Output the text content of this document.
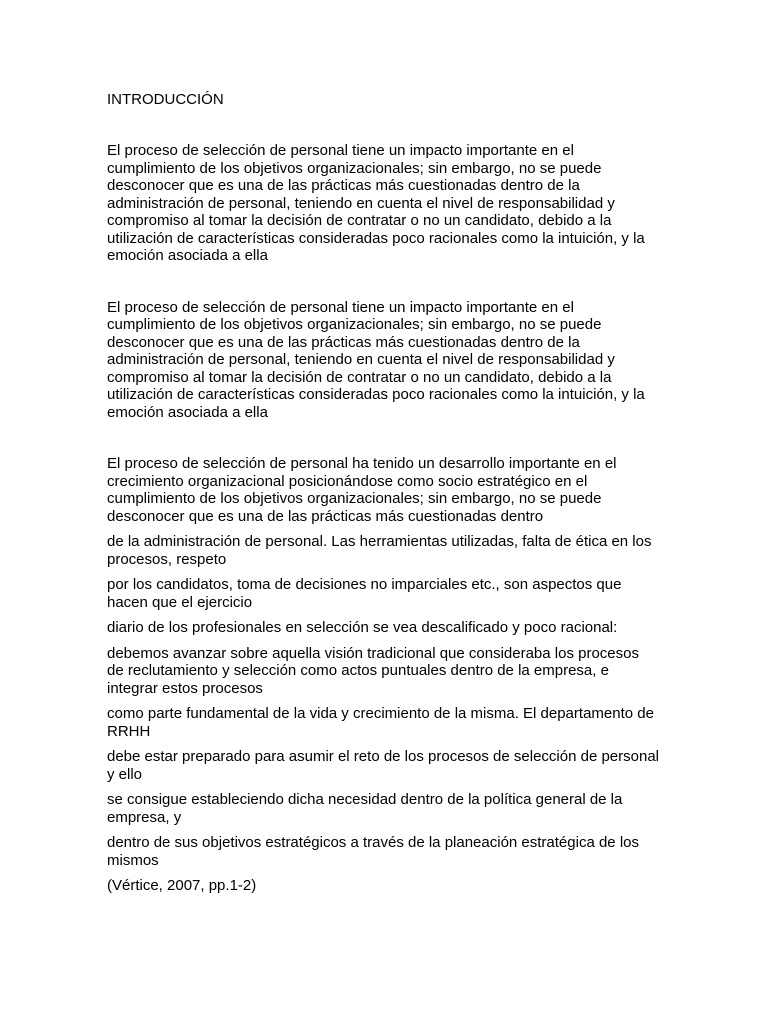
INTRODUCCIÓN

El proceso de selección de personal tiene un impacto importante en el
cumplimiento de los objetivos organizacionales; sin embargo, no se puede
desconocer que es una de las prácticas más cuestionadas dentro de la
administración de personal, teniendo en cuenta el nivel de responsabilidad y
compromiso al tomar la decisión de contratar o no un candidato, debido a la
utilización de características consideradas poco racionales como la intuición, y la
emoción asociada a ella

El proceso de selección de personal tiene un impacto importante en el
cumplimiento de los objetivos organizacionales; sin embargo, no se puede
desconocer que es una de las prácticas más cuestionadas dentro de la
administración de personal, teniendo en cuenta el nivel de responsabilidad y
compromiso al tomar la decisión de contratar o no un candidato, debido a la
utilización de características consideradas poco racionales como la intuición, y la
emoción asociada a ella

El proceso de selección de personal ha tenido un desarrollo importante en el
crecimiento organizacional posicionándose como socio estratégico en el
cumplimiento de los objetivos organizacionales; sin embargo, no se puede
desconocer que es una de las prácticas más cuestionadas dentro

de la administración de personal. Las herramientas utilizadas, falta de ética en los
procesos, respeto

por los candidatos, toma de decisiones no imparciales etc., son aspectos que
hacen que el ejercicio

diario de los profesionales en selección se vea descalificado y poco racional:

debemos avanzar sobre aquella visión tradicional que consideraba los procesos
de reclutamiento y selección como actos puntuales dentro de la empresa, e
integrar estos procesos

como parte fundamental de la vida y crecimiento de la misma. El departamento de
RRHH

debe estar preparado para asumir el reto de los procesos de selección de personal
y ello

se consigue estableciendo dicha necesidad dentro de la política general de la
empresa, y

dentro de sus objetivos estratégicos a través de la planeación estratégica de los
mismos

(Vértice, 2007, pp.1-2)
